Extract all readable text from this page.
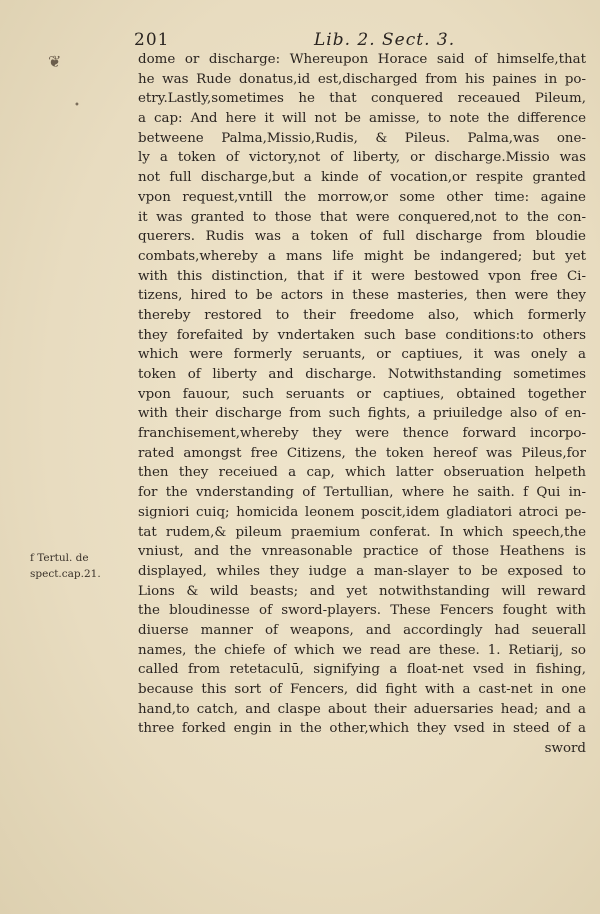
❦
•
201	Lib. 2. Sect. 3.
dome or discharge: Whereupon Horace said of himselfe,that
he was Rude donatus,id est,discharged from his paines in po-
etry.Lastly,sometimes he that conquered receaued Pileum,
a cap: And here it will not be amisse, to note the difference
betweene Palma,Missio,Rudis, & Pileus. Palma,was one-
ly a token of victory,not of liberty, or discharge.Missio was
not full discharge,but a kinde of vocation,or respite granted
vpon request,vntill the morrow,or some other time: againe
it was granted to those that were conquered,not to the con-
querers. Rudis was a token of full discharge from bloudie
combats,whereby a mans life might be indangered; but yet
with this distinction, that if it were bestowed vpon free Ci-
tizens, hired to be actors in these masteries, then were they
thereby restored to their freedome also, which formerly
they forefaited by vndertaken such base conditions:to others
which were formerly seruants, or captiues, it was onely a
token of liberty and discharge. Notwithstanding sometimes
vpon fauour, such seruants or captiues, obtained together
with their discharge from such fights, a priuiledge also of en-
franchisement,whereby they were thence forward incorpo-
rated amongst free Citizens, the token hereof was Pileus,for
then they receiued a cap, which latter obseruation helpeth
for the vnderstanding of Tertullian, where he saith. f Qui in-
signiori cuiq; homicida leonem poscit,idem gladiatori atroci pe-
tat rudem,& pileum praemium conferat. In which speech,the
vniust, and the vnreasonable practice of those Heathens is
displayed, whiles they iudge a man-slayer to be exposed to
Lions & wild beasts; and yet notwithstanding will reward
the bloudinesse of sword-players. These Fencers fought with
diuerse manner of weapons, and accordingly had seuerall
names, the chiefe of which we read are these. 1. Retiarij, so
called from retetaculū, signifying a float-net vsed in fishing,
because this sort of Fencers, did fight with a cast-net in one
hand,to catch, and claspe about their aduersaries head; and a
three forked engin in the other,which they vsed in steed of a
sword
f Tertul. de
spect.cap.21.
